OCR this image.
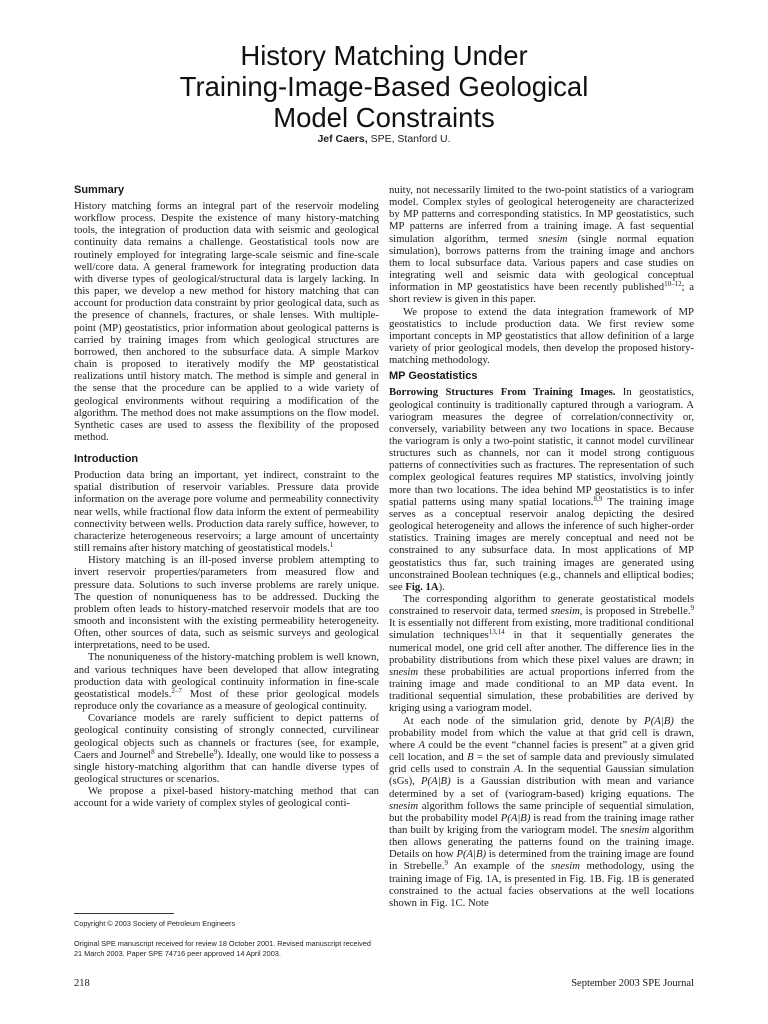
History Matching Under
Training-Image-Based Geological
Model Constraints
Jef Caers, SPE, Stanford U.
Summary

History matching forms an integral part of the reservoir modeling workflow process. Despite the existence of many history-matching tools, the integration of production data with seismic and geological continuity data remains a challenge. Geostatistical tools now are routinely employed for integrating large-scale seismic and fine-scale well/core data. A general framework for integrating production data with diverse types of geological/structural data is largely lacking. In this paper, we develop a new method for history matching that can account for production data constraint by prior geological data, such as the presence of channels, fractures, or shale lenses. With multiple-point (MP) geostatistics, prior information about geological patterns is carried by training images from which geological structures are borrowed, then anchored to the subsurface data. A simple Markov chain is proposed to iteratively modify the MP geostatistical realizations until history match. The method is simple and general in the sense that the procedure can be applied to a wide variety of geological environments without requiring a modification of the algorithm. The method does not make assumptions on the flow model. Synthetic cases are used to assess the flexibility of the proposed method.

Introduction

Production data bring an important, yet indirect, constraint to the spatial distribution of reservoir variables. Pressure data provide information on the average pore volume and permeability connectivity near wells, while fractional flow data inform the extent of permeability connectivity between wells. Production data rarely suffice, however, to characterize heterogeneous reservoirs; a large amount of uncertainty still remains after history matching of geostatistical models.$^1$

History matching is an ill-posed inverse problem attempting to invert reservoir properties/parameters from measured flow and pressure data. Solutions to such inverse problems are rarely unique. The question of nonuniqueness has to be addressed. Ducking the problem often leads to history-matched reservoir models that are too smooth and inconsistent with the existing permeability heterogeneity. Often, other sources of data, such as seismic surveys and geological interpretations, need to be used.

The nonuniqueness of the history-matching problem is well known, and various techniques have been developed that allow integrating production data with geological continuity information in fine-scale geostatistical models.$^{2-7}$ Most of these prior geological models reproduce only the covariance as a measure of geological continuity.

Covariance models are rarely sufficient to depict patterns of geological continuity consisting of strongly connected, curvilinear geological objects such as channels or fractures (see, for example, Caers and Journel$^8$ and Strebelle$^9$). Ideally, one would like to possess a single history-matching algorithm that can handle diverse types of geological structures or scenarios.

We propose a pixel-based history-matching method that can account for a wide variety of complex styles of geological conti-

nuity, not necessarily limited to the two-point statistics of a variogram model. Complex styles of geological heterogeneity are characterized by MP patterns and corresponding statistics. In MP geostatistics, such MP patterns are inferred from a training image. A fast sequential simulation algorithm, termed snesim (single normal equation simulation), borrows patterns from the training image and anchors them to local subsurface data. Various papers and case studies on integrating well and seismic data with geological conceptual information in MP geostatistics have been recently published$^{10-12}$; a short review is given in this paper.

We propose to extend the data integration framework of MP geostatistics to include production data. We first review some important concepts in MP geostatistics that allow definition of a large variety of prior geological models, then develop the proposed history-matching methodology.

MP Geostatistics

Borrowing Structures From Training Images. In geostatistics, geological continuity is traditionally captured through a variogram. A variogram measures the degree of correlation/connectivity or, conversely, variability between any two locations in space. Because the variogram is only a two-point statistic, it cannot model curvilinear structures such as channels, nor can it model strong contiguous patterns of connectivities such as fractures. The representation of such complex geological features requires MP statistics, involving jointly more than two locations. The idea behind MP geostatistics is to infer spatial patterns using many spatial locations.$^{8,9}$ The training image serves as a conceptual reservoir analog depicting the desired geological heterogeneity and allows the inference of such higher-order statistics. Training images are merely conceptual and need not be constrained to any subsurface data. In most applications of MP geostatistics thus far, such training images are generated using unconstrained Boolean techniques (e.g., channels and elliptical bodies; see Fig. 1A).

The corresponding algorithm to generate geostatistical models constrained to reservoir data, termed snesim, is proposed in Strebelle.$^9$ It is essentially not different from existing, more traditional conditional simulation techniques$^{13,14}$ in that it sequentially generates the numerical model, one grid cell after another. The difference lies in the probability distributions from which these pixel values are drawn; in snesim these probabilities are actual proportions inferred from the training image and made conditional to an MP data event. In traditional sequential simulation, these probabilities are derived by kriging using a variogram model.

At each node of the simulation grid, denote by P(A|B) the probability model from which the value at that grid cell is drawn, where A could be the event “channel facies is present” at a given grid cell location, and B = the set of sample data and previously simulated grid cells used to constrain A. In the sequential Gaussian simulation (sGs), P(A|B) is a Gaussian distribution with mean and variance determined by a set of (variogram-based) kriging equations. The snesim algorithm follows the same principle of sequential simulation, but the probability model P(A|B) is read from the training image rather than built by kriging from the variogram model. The snesim algorithm then allows generating the patterns found on the training image. Details on how P(A|B) is determined from the training image are found in Strebelle.$^9$ An example of the snesim methodology, using the training image of Fig. 1A, is presented in Fig. 1B. Fig. 1B is generated constrained to the actual facies observations at the well locations shown in Fig. 1C. Note

Copyright © 2003 Society of Petroleum Engineers
Original SPE manuscript received for review 18 October 2001. Revised manuscript received 21 March 2003. Paper SPE 74716 peer approved 14 April 2003.
218	September 2003 SPE Journal
